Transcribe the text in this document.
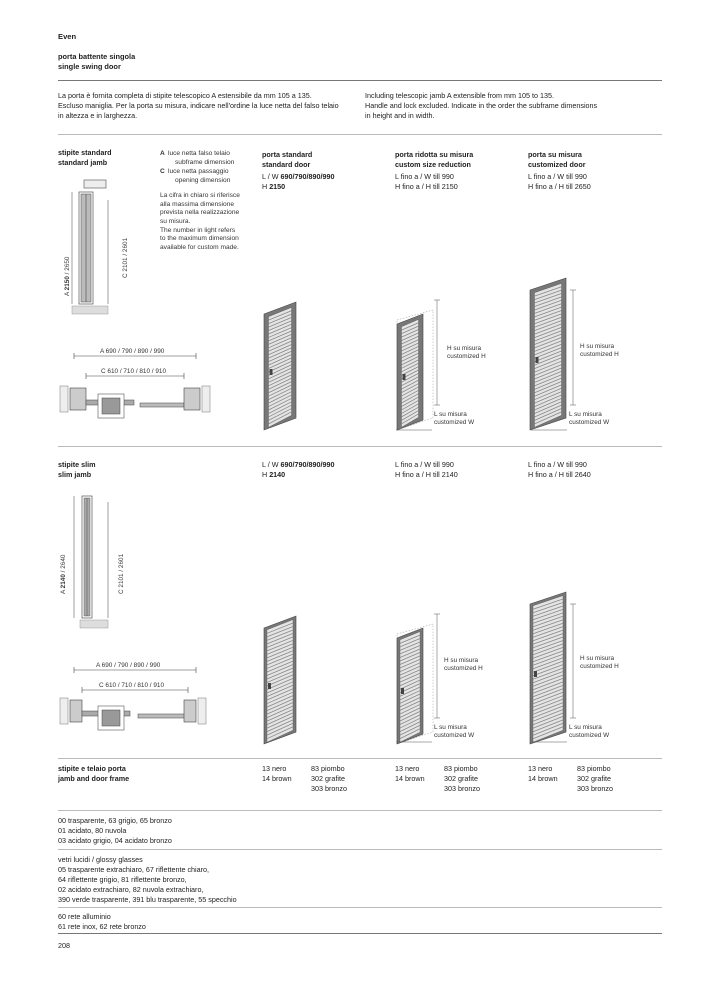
Even
porta battente singola
single swing door
La porta è fornita completa di stipite telescopico A estensibile da mm 105 a 135.
Escluso maniglia. Per la porta su misura, indicare nell'ordine la luce netta del falso telaio
in altezza e in larghezza.
Including telescopic jamb A extensible from mm 105 to 135.
Handle and lock excluded. Indicate in the order the subframe dimensions
in height and in width.
stipite standard
standard jamb
A 2150 / 2650	C 2101 / 2601
A luce netta falso telaio
subframe dimension
C luce netta passaggio
opening dimension
La cifra in chiaro si riferisce
alla massima dimensione
prevista nella realizzazione
su misura.
The number in light refers
to the maximum dimension
available for custom made.
A 690 / 790 / 890 / 990
C 610 / 710 / 810 / 910
porta standard
standard door
L / W 690/790/890/990
H 2150
porta ridotta su misura
custom size reduction
L fino a / W till 990
H fino a / H till 2150
porta su misura
customized door
L fino a / W till 990
H fino a / H till 2650
H su misura
customized H
L su misura
customized W
H su misura
customized H
L su misura
customized W
stipite slim
slim jamb
A 2140 / 2640	C 2101 / 2601
A 690 / 790 / 890 / 990
C 610 / 710 / 810 / 910
L / W 690/790/890/990
H 2140
L fino a / W till 990
H fino a / H till 2140
L fino a / W till 990
H fino a / H till 2640
H su misura
customized H
L su misura
customized W
H su misura
customized H
L su misura
customized W
stipite e telaio porta
jamb and door frame
13 nero
14 brown
83 piombo
302 grafite
303 bronzo
13 nero
14 brown
83 piombo
302 grafite
303 bronzo
13 nero
14 brown
83 piombo
302 grafite
303 bronzo
00 trasparente, 63 grigio, 65 bronzo
01 acidato, 80 nuvola
03 acidato grigio, 04 acidato bronzo
vetri lucidi / glossy glasses
05 trasparente extrachiaro, 67 riflettente chiaro,
64 riflettente grigio, 81 riflettente bronzo,
02 acidato extrachiaro, 82 nuvola extrachiaro,
390 verde trasparente, 391 blu trasparente, 55 specchio
60 rete alluminio
61 rete inox, 62 rete bronzo
208
